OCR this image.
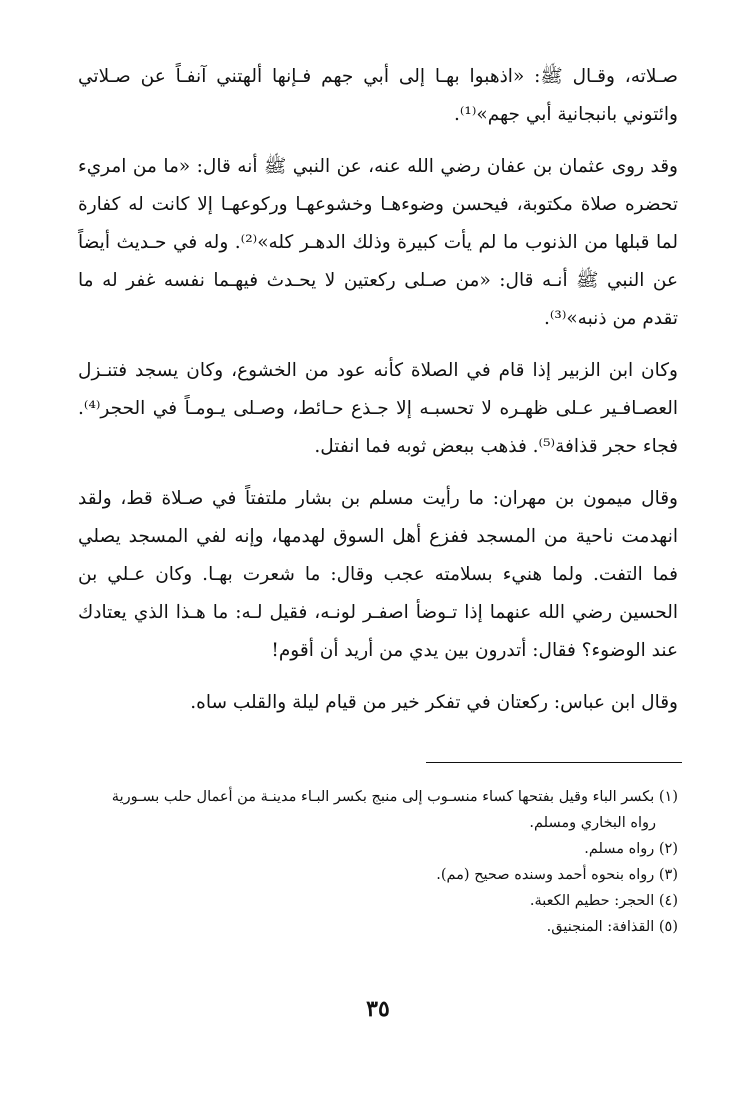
صـلاته، وقـال ﷺ: «اذهبوا بهـا إلى أبي جهم فـإنها ألهتني آنفـاً عن صـلاتي وائتوني بانبجانية أبي جهم»⁽¹⁾.

وقد روى عثمان بن عفان رضي الله عنه، عن النبي ﷺ أنه قال: «ما من امريء تحضره صلاة مكتوبة، فيحسن وضوءهـا وخشوعهـا وركوعهـا إلا كانت له كفارة لما قبلها من الذنوب ما لم يأت كبيرة وذلك الدهـر كله»⁽²⁾. وله في حـديث أيضاً عن النبي ﷺ أنـه قال: «من صـلى ركعتين لا يحـدث فيهـما نفسه غفر له ما تقدم من ذنبه»⁽³⁾.

وكان ابن الزبير إذا قام في الصلاة كأنه عود من الخشوع، وكان يسجد فتنـزل العصـافـير عـلى ظهـره لا تحسبـه إلا جـذع حـائط، وصـلى يـومـاً في الحجر⁽⁴⁾. فجاء حجر قذافة⁽⁵⁾. فذهب ببعض ثوبه فما انفتل.

وقال ميمون بن مهران: ما رأيت مسلم بن بشار ملتفتاً في صـلاة قط، ولقد انهدمت ناحية من المسجد ففزع أهل السوق لهدمها، وإنه لفي المسجد يصلي فما التفت. ولما هنيء بسلامته عجب وقال: ما شعرت بهـا. وكان عـلي بن الحسين رضي الله عنهما إذا تـوضأ اصفـر لونـه، فقيل لـه: ما هـذا الذي يعتادك عند الوضوء؟ فقال: أتدرون بين يدي من أريد أن أقوم!

وقال ابن عباس: ركعتان في تفكر خير من قيام ليلة والقلب ساه.

(١) بكسر الباء وقيل بفتحها كساء منسـوب إلى منبج بكسر البـاء مدينـة من أعمال حلب بسـورية

رواه البخاري ومسلم.

(٢) رواه مسلم.

(٣) رواه بنحوه أحمد وسنده صحيح (مم).

(٤) الحجر: حطيم الكعبة.

(٥) القذافة: المنجنيق.

٣٥
